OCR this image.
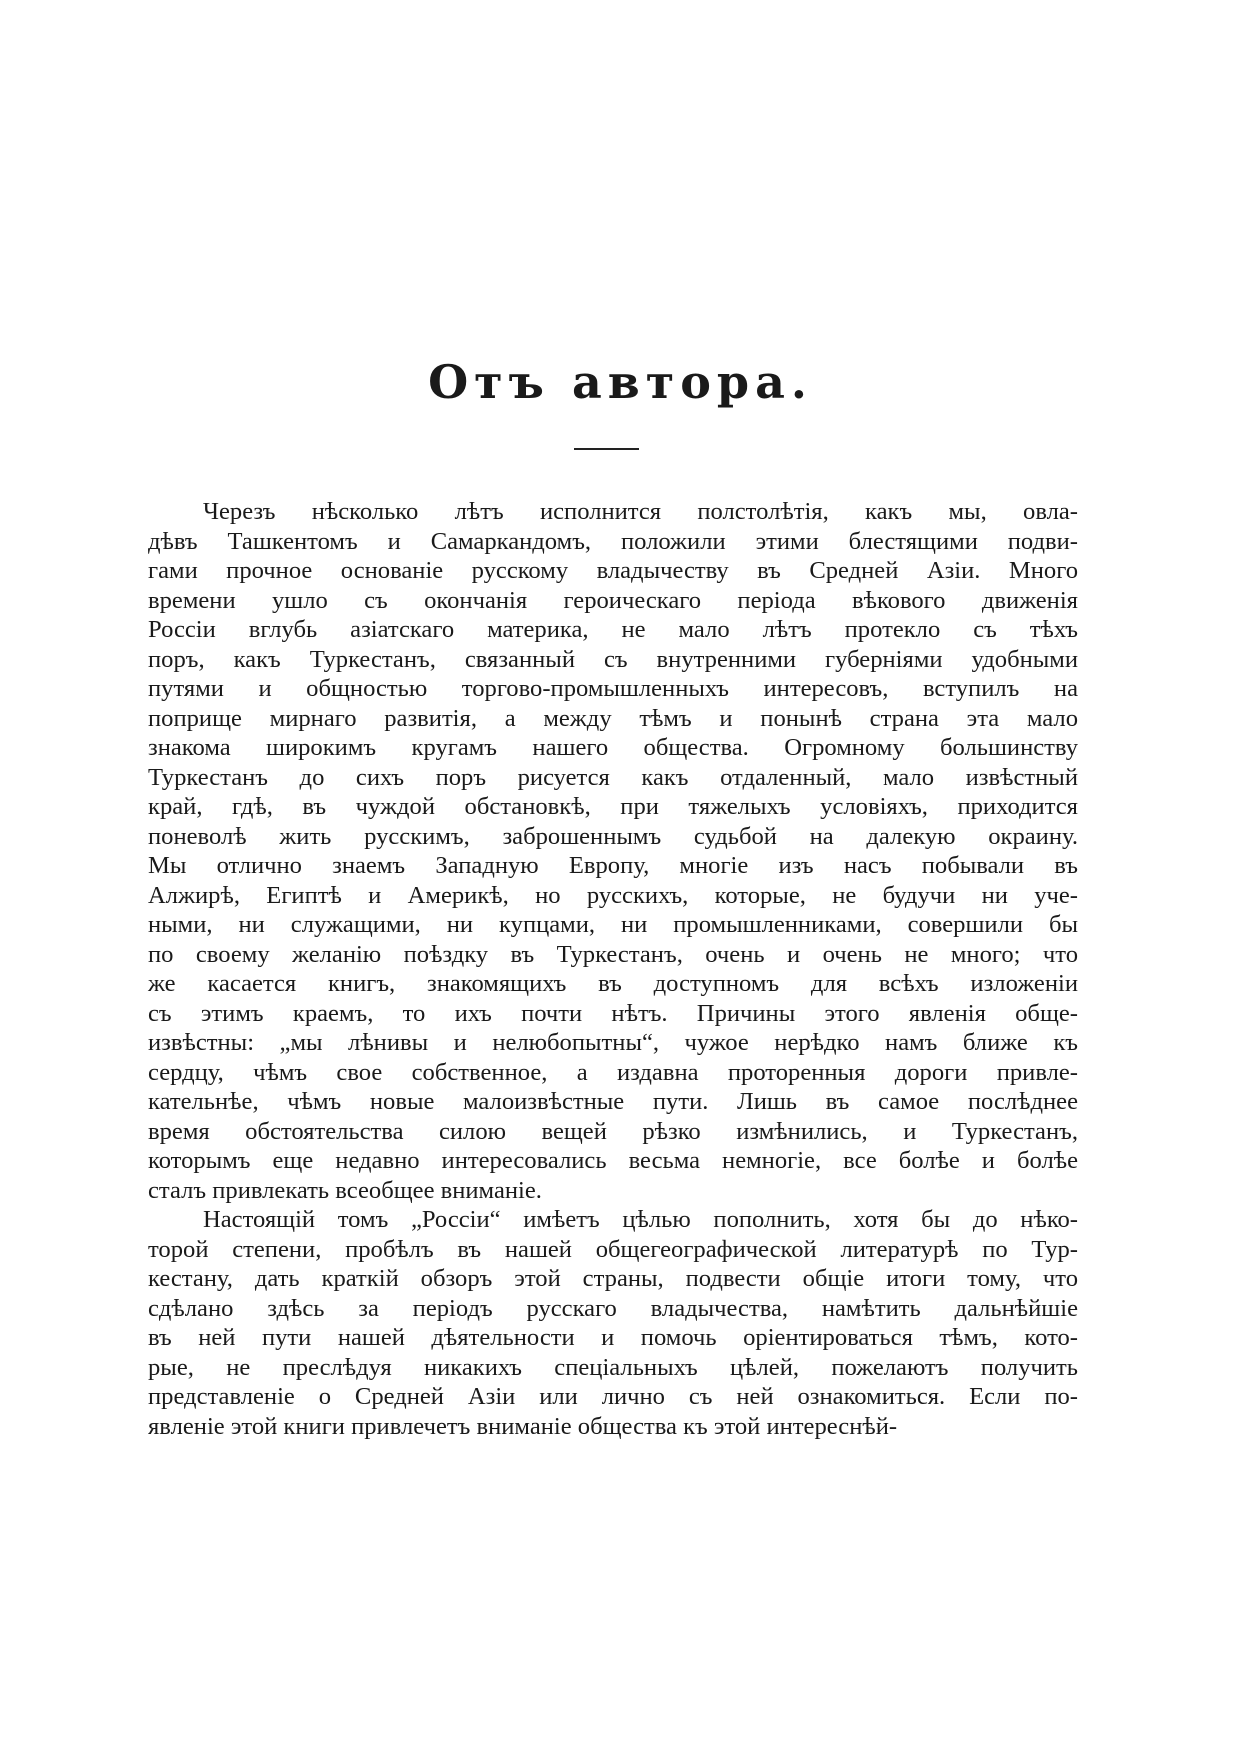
Отъ автора.
Черезъ нѣсколько лѣтъ исполнится полстолѣтія, какъ мы, овла-
дѣвъ Ташкентомъ и Самаркандомъ, положили этими блестящими подви-
гами прочное основаніе русскому владычеству въ Средней Азіи. Много
времени ушло съ окончанія героическаго періода вѣкового движенія
Россіи вглубь азіатскаго материка, не мало лѣтъ протекло съ тѣхъ
поръ, какъ Туркестанъ, связанный съ внутренними губерніями удобными
путями и общностью торгово-промышленныхъ интересовъ, вступилъ на
поприще мирнаго развитія, а между тѣмъ и понынѣ страна эта мало
знакома широкимъ кругамъ нашего общества. Огромному большинству
Туркестанъ до сихъ поръ рисуется какъ отдаленный, мало извѣстный
край, гдѣ, въ чуждой обстановкѣ, при тяжелыхъ условіяхъ, приходится
поневолѣ жить русскимъ, заброшеннымъ судьбой на далекую окраину.
Мы отлично знаемъ Западную Европу, многіе изъ насъ побывали въ
Алжирѣ, Египтѣ и Америкѣ, но русскихъ, которые, не будучи ни уче-
ными, ни служащими, ни купцами, ни промышленниками, совершили бы
по своему желанію поѣздку въ Туркестанъ, очень и очень не много; что
же касается книгъ, знакомящихъ въ доступномъ для всѣхъ изложеніи
съ этимъ краемъ, то ихъ почти нѣтъ. Причины этого явленія обще-
извѣстны: „мы лѣнивы и нелюбопытны“, чужое нерѣдко намъ ближе къ
сердцу, чѣмъ свое собственное, а издавна проторенныя дороги привле-
кательнѣе, чѣмъ новые малоизвѣстные пути. Лишь въ самое послѣднее
время обстоятельства силою вещей рѣзко измѣнились, и Туркестанъ,
которымъ еще недавно интересовались весьма немногіе, все болѣе и болѣе
сталъ привлекать всеобщее вниманіе.
Настоящій томъ „Россіи“ имѣетъ цѣлью пополнить, хотя бы до нѣко-
торой степени, пробѣлъ въ нашей общегеографической литературѣ по Тур-
кестану, дать краткій обзоръ этой страны, подвести общіе итоги тому, что
сдѣлано здѣсь за періодъ русскаго владычества, намѣтить дальнѣйшіе
въ ней пути нашей дѣятельности и помочь оріентироваться тѣмъ, кото-
рые, не преслѣдуя никакихъ спеціальныхъ цѣлей, пожелаютъ получить
представленіе о Средней Азіи или лично съ ней ознакомиться. Если по-
явленіе этой книги привлечетъ вниманіе общества къ этой интереснѣй-
